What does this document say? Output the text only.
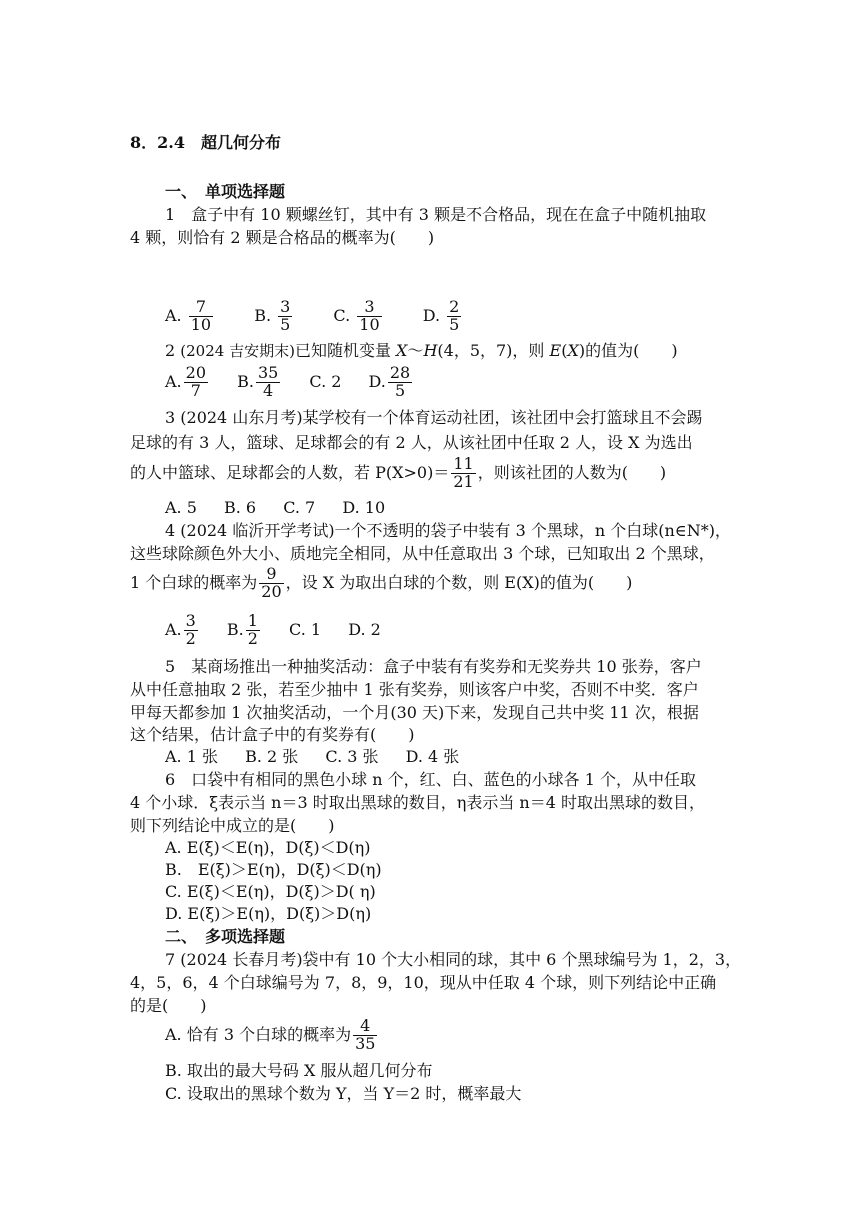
8．2.4　超几何分布
一、　单项选择题
1　盒子中有 10 颗螺丝钉，其中有 3 颗是不合格品，现在在盒子中随机抽取
4 颗，则恰有 2 颗是合格品的概率为(　　)
A. $\frac{7}{10}$	B. $\frac{3}{5}$	C. $\frac{3}{10}$	D. $\frac{2}{5}$
2 (2024 吉安期末)已知随机变量 X～H(4，5，7)，则 E(X)的值为(　　)
A. $\frac{20}{7} B$. $\frac{35}{4} C$. 2 D. $\frac{28}{5}$
3 (2024 山东月考)某学校有一个体育运动社团，该社团中会打篮球且不会踢
足球的有 3 人，篮球、足球都会的有 2 人，从该社团中任取 2 人，设 X 为选出
的人中篮球、足球都会的人数，若 $P(X>0)= \frac{11}{21}$ ，则该社团的人数为(　　)
A. 5 B. 6 C. 7 D. 10
4 (2024 临沂开学考试)一个不透明的袋子中装有 3 个黑球，n 个白球(n∈N*)，
这些球除颜色外大小、质地完全相同，从中任意取出 3 个球，已知取出 2 个黑球，
1 个白球的概率为 $\frac{9}{20}$ ，设 X 为取出白球的个数，则 E(X)的值为(　　)
A. $\frac{3}{2} B$. $\frac{1}{2} C$. 1 D. 2
5　某商场推出一种抽奖活动：盒子中装有有奖券和无奖券共 10 张券，客户
从中任意抽取 2 张，若至少抽中 1 张有奖券，则该客户中奖，否则不中奖．客户
甲每天都参加 1 次抽奖活动，一个月(30 天)下来，发现自己共中奖 11 次，根据
这个结果，估计盒子中的有奖券有(　　)
A. 1 张 B. 2 张 C. 3 张 D. 4 张
6　口袋中有相同的黑色小球 n 个，红、白、蓝色的小球各 1 个，从中任取
4 个小球．ξ表示当 n＝3 时取出黑球的数目，η表示当 n＝4 时取出黑球的数目，
则下列结论中成立的是(　　)
A. E(ξ)＜E(η)，D(ξ)＜D(η)
B.　E(ξ)＞E(η)，D(ξ)＜D(η)
C. E(ξ)＜E(η)，D(ξ)＞D( η)
D. E(ξ)＞E(η)，D(ξ)＞D(η)
二、　多项选择题
7 (2024 长春月考)袋中有 10 个大小相同的球，其中 6 个黑球编号为 1，2，3，
4，5，6，4 个白球编号为 7，8，9，10，现从中任取 4 个球，则下列结论中正确
的是(　　)
A. 恰有 3 个白球的概率为 $\frac{4}{35}$
B. 取出的最大号码 X 服从超几何分布
C. 设取出的黑球个数为 Y，当 Y＝2 时，概率最大
